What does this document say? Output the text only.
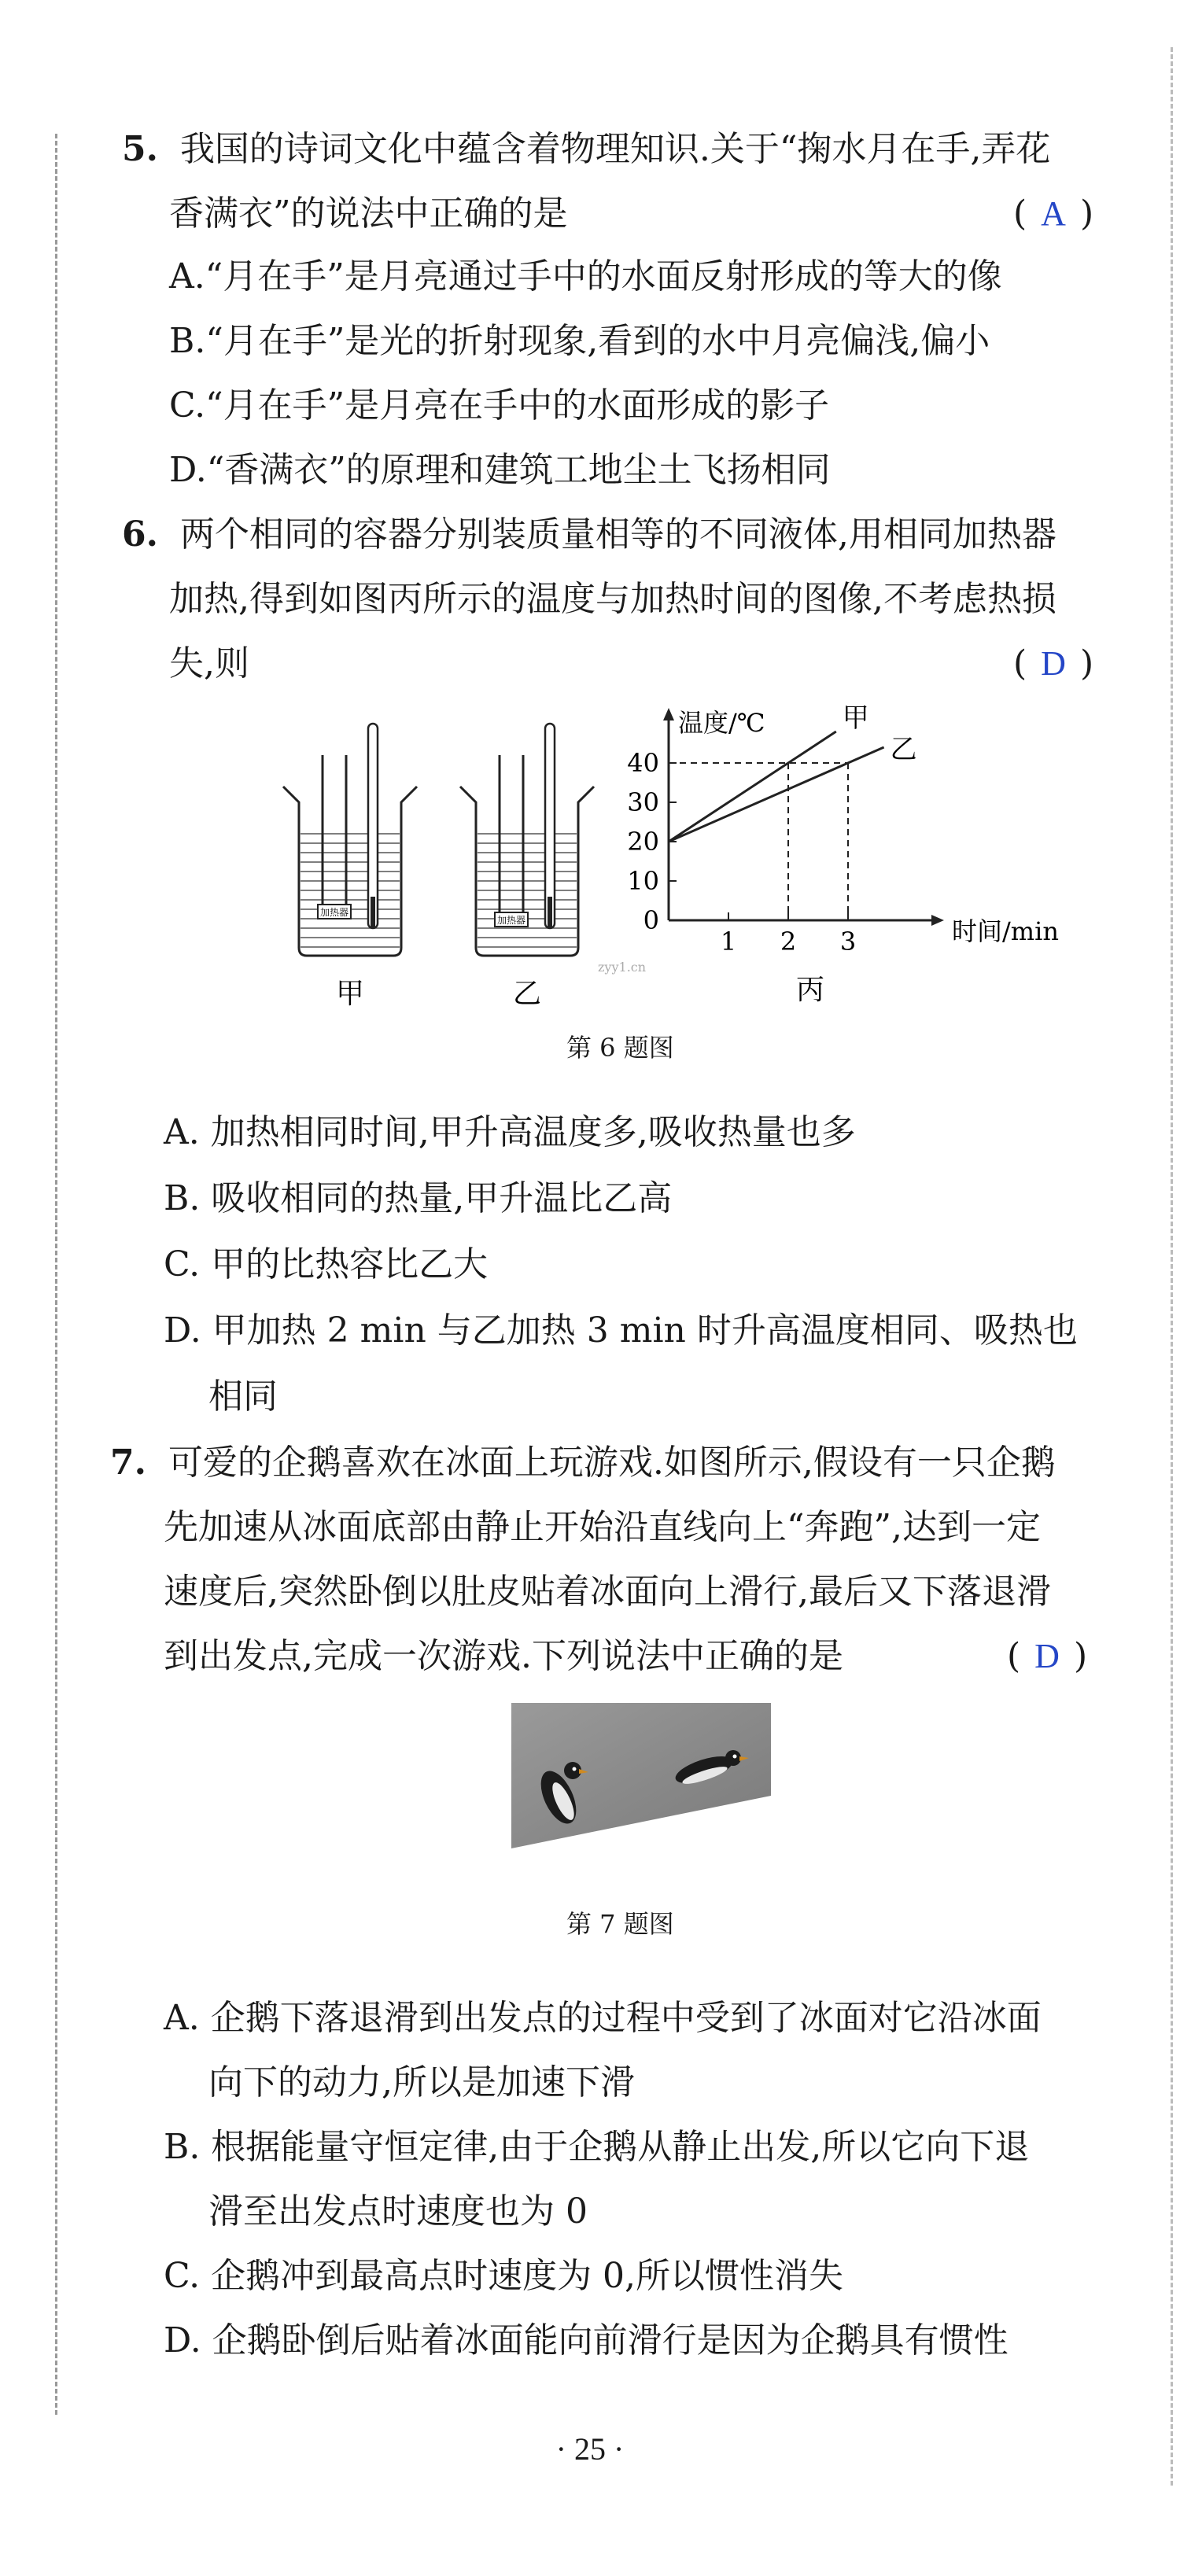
5. 我国的诗词文化中蕴含着物理知识.关于“掬水月在手,弄花
香满衣”的说法中正确的是	( A )
A.“月在手”是月亮通过手中的水面反射形成的等大的像
B.“月在手”是光的折射现象,看到的水中月亮偏浅,偏小
C.“月在手”是月亮在手中的水面形成的影子
D.“香满衣”的原理和建筑工地尘土飞扬相同
6. 两个相同的容器分别装质量相等的不同液体,用相同加热器
加热,得到如图丙所示的温度与加热时间的图像,不考虑热损
失,则	( D )
加热器
加热器
甲	乙
zyy1.cn
温度/℃
时间/min
丙
0
10
20
30
40
1 2 3
甲
乙
第 6 题图
A. 加热相同时间,甲升高温度多,吸收热量也多
B. 吸收相同的热量,甲升温比乙高
C. 甲的比热容比乙大
D. 甲加热 2 min 与乙加热 3 min 时升高温度相同、吸热也
相同
7. 可爱的企鹅喜欢在冰面上玩游戏.如图所示,假设有一只企鹅
先加速从冰面底部由静止开始沿直线向上“奔跑”,达到一定
速度后,突然卧倒以肚皮贴着冰面向上滑行,最后又下落退滑
到出发点,完成一次游戏.下列说法中正确的是	( D )
第 7 题图
A. 企鹅下落退滑到出发点的过程中受到了冰面对它沿冰面
向下的动力,所以是加速下滑
B. 根据能量守恒定律,由于企鹅从静止出发,所以它向下退
滑至出发点时速度也为 0
C. 企鹅冲到最高点时速度为 0,所以惯性消失
D. 企鹅卧倒后贴着冰面能向前滑行是因为企鹅具有惯性
· 25 ·
